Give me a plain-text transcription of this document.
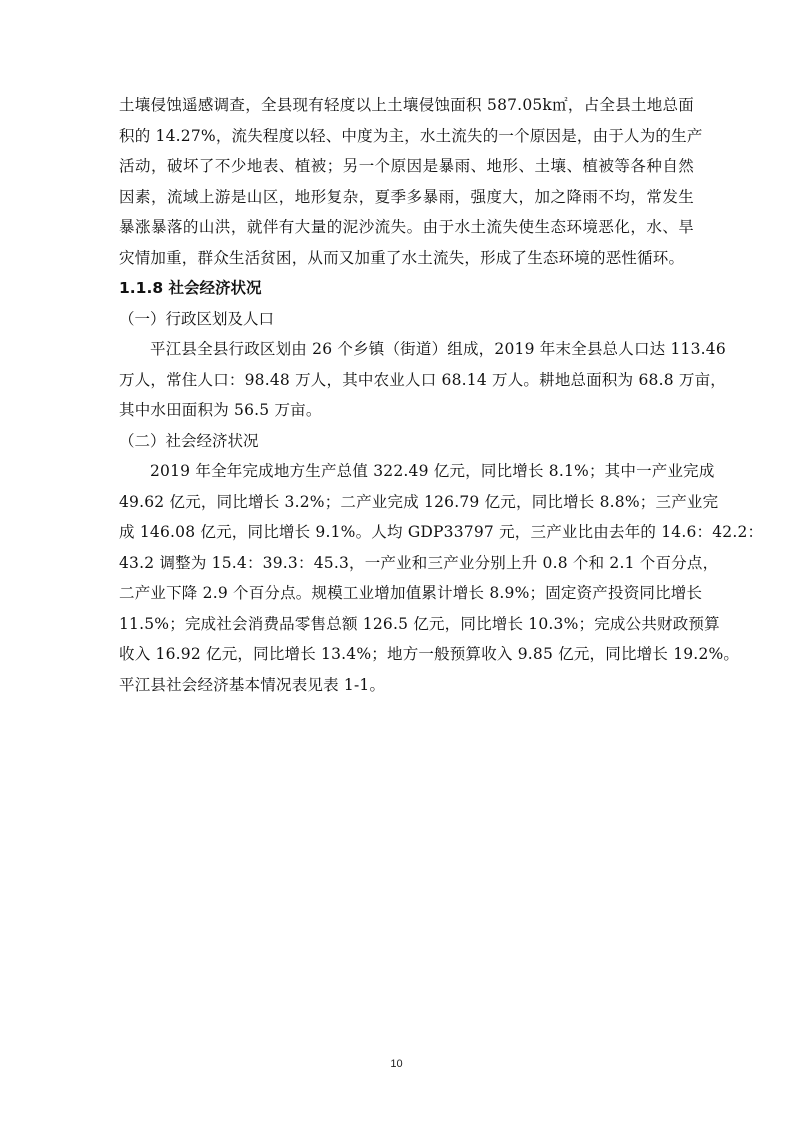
土壤侵蚀遥感调查，全县现有轻度以上土壤侵蚀面积 587.05k㎡，占全县土地总面
积的 14.27%，流失程度以轻、中度为主，水土流失的一个原因是，由于人为的生产
活动，破坏了不少地表、植被；另一个原因是暴雨、地形、土壤、植被等各种自然
因素，流域上游是山区，地形复杂，夏季多暴雨，强度大，加之降雨不均，常发生
暴涨暴落的山洪，就伴有大量的泥沙流失。由于水土流失使生态环境恶化，水、旱
灾情加重，群众生活贫困，从而又加重了水土流失，形成了生态环境的恶性循环。
1.1.8 社会经济状况
（一）行政区划及人口
平江县全县行政区划由 26 个乡镇（街道）组成，2019 年末全县总人口达 113.46
万人，常住人口：98.48 万人，其中农业人口 68.14 万人。耕地总面积为 68.8 万亩，
其中水田面积为 56.5 万亩。
（二）社会经济状况
2019 年全年完成地方生产总值 322.49 亿元，同比增长 8.1%；其中一产业完成
49.62 亿元，同比增长 3.2%；二产业完成 126.79 亿元，同比增长 8.8%；三产业完
成 146.08 亿元，同比增长 9.1%。人均 GDP33797 元，三产业比由去年的 14.6：42.2：
43.2 调整为 15.4：39.3：45.3，一产业和三产业分别上升 0.8 个和 2.1 个百分点，
二产业下降 2.9 个百分点。规模工业增加值累计增长 8.9%；固定资产投资同比增长
11.5%；完成社会消费品零售总额 126.5 亿元，同比增长 10.3%；完成公共财政预算
收入 16.92 亿元，同比增长 13.4%；地方一般预算收入 9.85 亿元，同比增长 19.2%。
平江县社会经济基本情况表见表 1-1。
10
